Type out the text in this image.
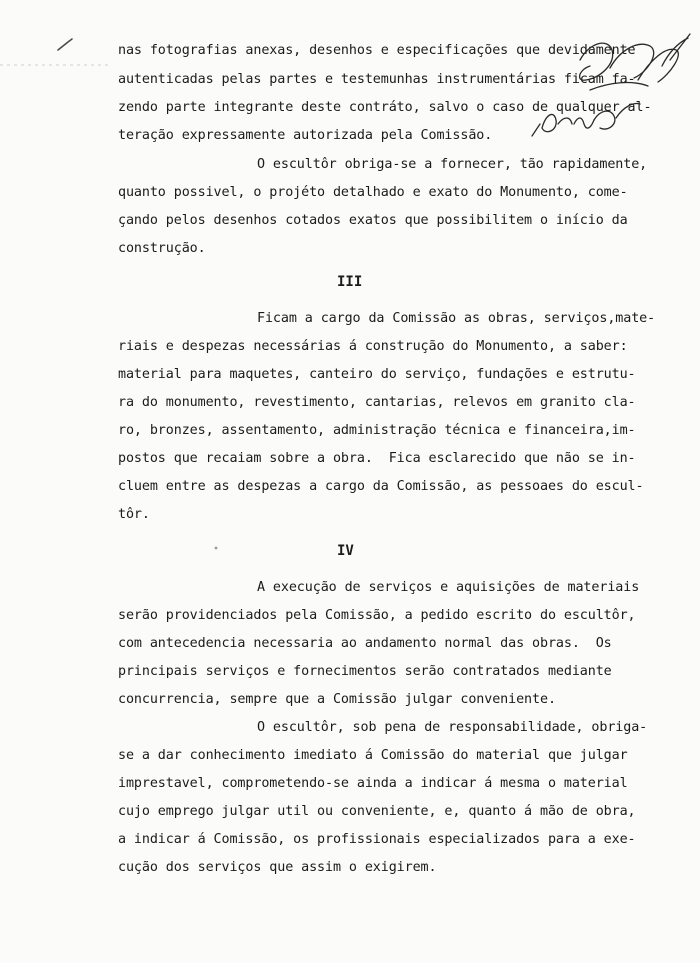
nas fotografias anexas, desenhos e especificações que devidamente
autenticadas pelas partes e testemunhas instrumentárias ficam fa-
zendo parte integrante deste contráto, salvo o caso de qualquer al-
teração expressamente autorizada pela Comissão.
O escultôr obriga-se a fornecer, tão rapidamente,
quanto possivel, o projéto detalhado e exato do Monumento, come-
çando pelos desenhos cotados exatos que possibilitem o início da
construção.
III
Ficam a cargo da Comissão as obras, serviços,mate-
riais e despezas necessárias á construção do Monumento, a saber:
material para maquetes, canteiro do serviço, fundações e estrutu-
ra do monumento, revestimento, cantarias, relevos em granito cla-
ro, bronzes, assentamento, administração técnica e financeira,im-
postos que recaiam sobre a obra.  Fica esclarecido que não se in-
cluem entre as despezas a cargo da Comissão, as pessoaes do escul-
tôr.
IV
A execução de serviços e aquisições de materiais
serão providenciados pela Comissão, a pedido escrito do escultôr,
com antecedencia necessaria ao andamento normal das obras.  Os
principais serviços e fornecimentos serão contratados mediante
concurrencia, sempre que a Comissão julgar conveniente.
O escultôr, sob pena de responsabilidade, obriga-
se a dar conhecimento imediato á Comissão do material que julgar
imprestavel, comprometendo-se ainda a indicar á mesma o material
cujo emprego julgar util ou conveniente, e, quanto á mão de obra,
a indicar á Comissão, os profissionais especializados para a exe-
cução dos serviços que assim o exigirem.
